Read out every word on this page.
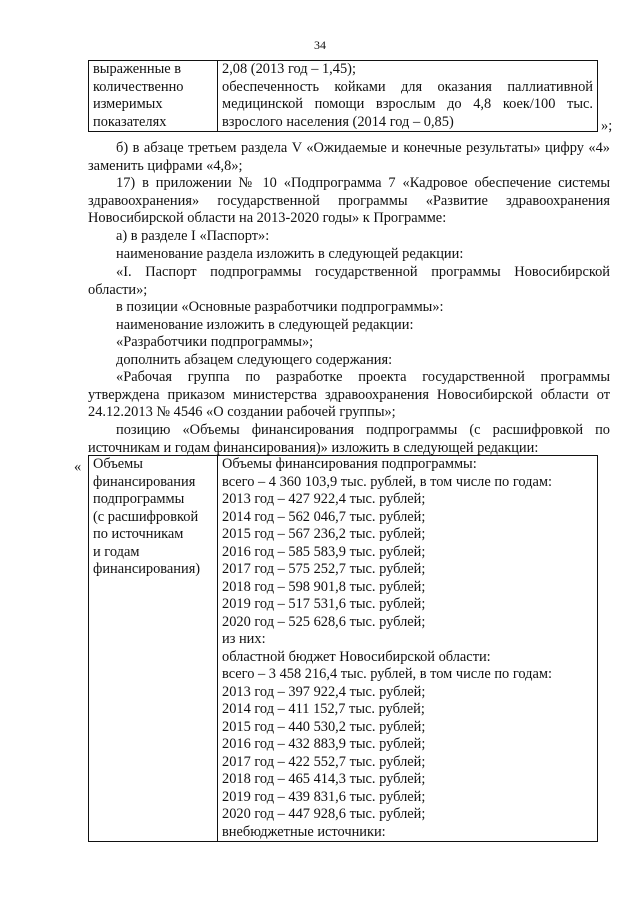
34
выраженные в
количественно
измеримых
показателях

2,08 (2013 год – 1,45);
обеспеченность койками для оказания паллиативной
медицинской помощи взрослым до 4,8 коек/100 тыс.
взрослого населения (2014 год – 0,85)	»;
б) в абзаце третьем раздела V «Ожидаемые и конечные результаты» цифру «4» заменить цифрами «4,8»;
17) в приложении № 10 «Подпрограмма 7 «Кадровое обеспечение системы здравоохранения» государственной программы «Развитие здравоохранения Новосибирской области на 2013-2020 годы» к Программе:
а) в разделе I «Паспорт»:
наименование раздела изложить в следующей редакции:
«I. Паспорт подпрограммы государственной программы Новосибирской области»;
в позиции «Основные разработчики подпрограммы»:
наименование изложить в следующей редакции:
«Разработчики подпрограммы»;
дополнить абзацем следующего содержания:
«Рабочая группа по разработке проекта государственной программы утверждена приказом министерства здравоохранения Новосибирской области от 24.12.2013 № 4546 «О создании рабочей группы»;
позицию «Объемы финансирования подпрограммы (с расшифровкой по источникам и годам финансирования)» изложить в следующей редакции:
« Объемы
финансирования
подпрограммы
(с расшифровкой
по источникам
и годам
финансирования)

Объемы финансирования подпрограммы:
всего – 4 360 103,9 тыс. рублей, в том числе по годам:
2013 год – 427 922,4 тыс. рублей;
2014 год – 562 046,7 тыс. рублей;
2015 год – 567 236,2 тыс. рублей;
2016 год – 585 583,9 тыс. рублей;
2017 год – 575 252,7 тыс. рублей;
2018 год – 598 901,8 тыс. рублей;
2019 год – 517 531,6 тыс. рублей;
2020 год – 525 628,6 тыс. рублей;
из них:
областной бюджет Новосибирской области:
всего – 3 458 216,4 тыс. рублей, в том числе по годам:
2013 год – 397 922,4 тыс. рублей;
2014 год – 411 152,7 тыс. рублей;
2015 год – 440 530,2 тыс. рублей;
2016 год – 432 883,9 тыс. рублей;
2017 год – 422 552,7 тыс. рублей;
2018 год – 465 414,3 тыс. рублей;
2019 год – 439 831,6 тыс. рублей;
2020 год – 447 928,6 тыс. рублей;
внебюджетные источники:
